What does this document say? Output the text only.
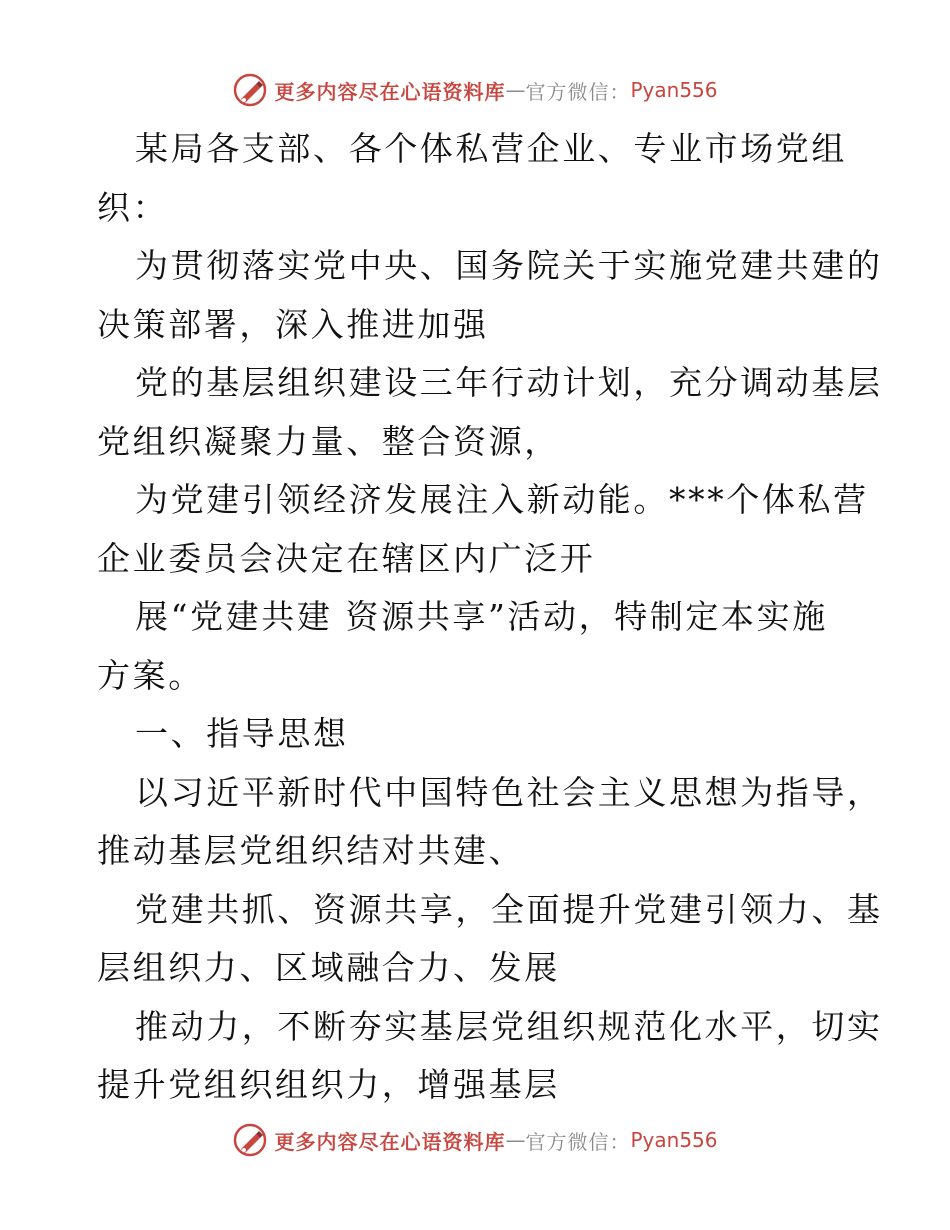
更多内容尽在心语资料库 — 官方微信： Pyan556
某局各支部、各个体私营企业、专业市场党组
织：
为贯彻落实党中央、国务院关于实施党建共建的
决策部署，深入推进加强
党的基层组织建设三年行动计划，充分调动基层
党组织凝聚力量、整合资源，
为党建引领经济发展注入新动能。***个体私营
企业委员会决定在辖区内广泛开
展“党建共建 资源共享”活动，特制定本实施
方案。
一、指导思想
以习近平新时代中国特色社会主义思想为指导，
推动基层党组织结对共建、
党建共抓、资源共享，全面提升党建引领力、基
层组织力、区域融合力、发展
推动力，不断夯实基层党组织规范化水平，切实
提升党组织组织力，增强基层
更多内容尽在心语资料库 — 官方微信： Pyan556
